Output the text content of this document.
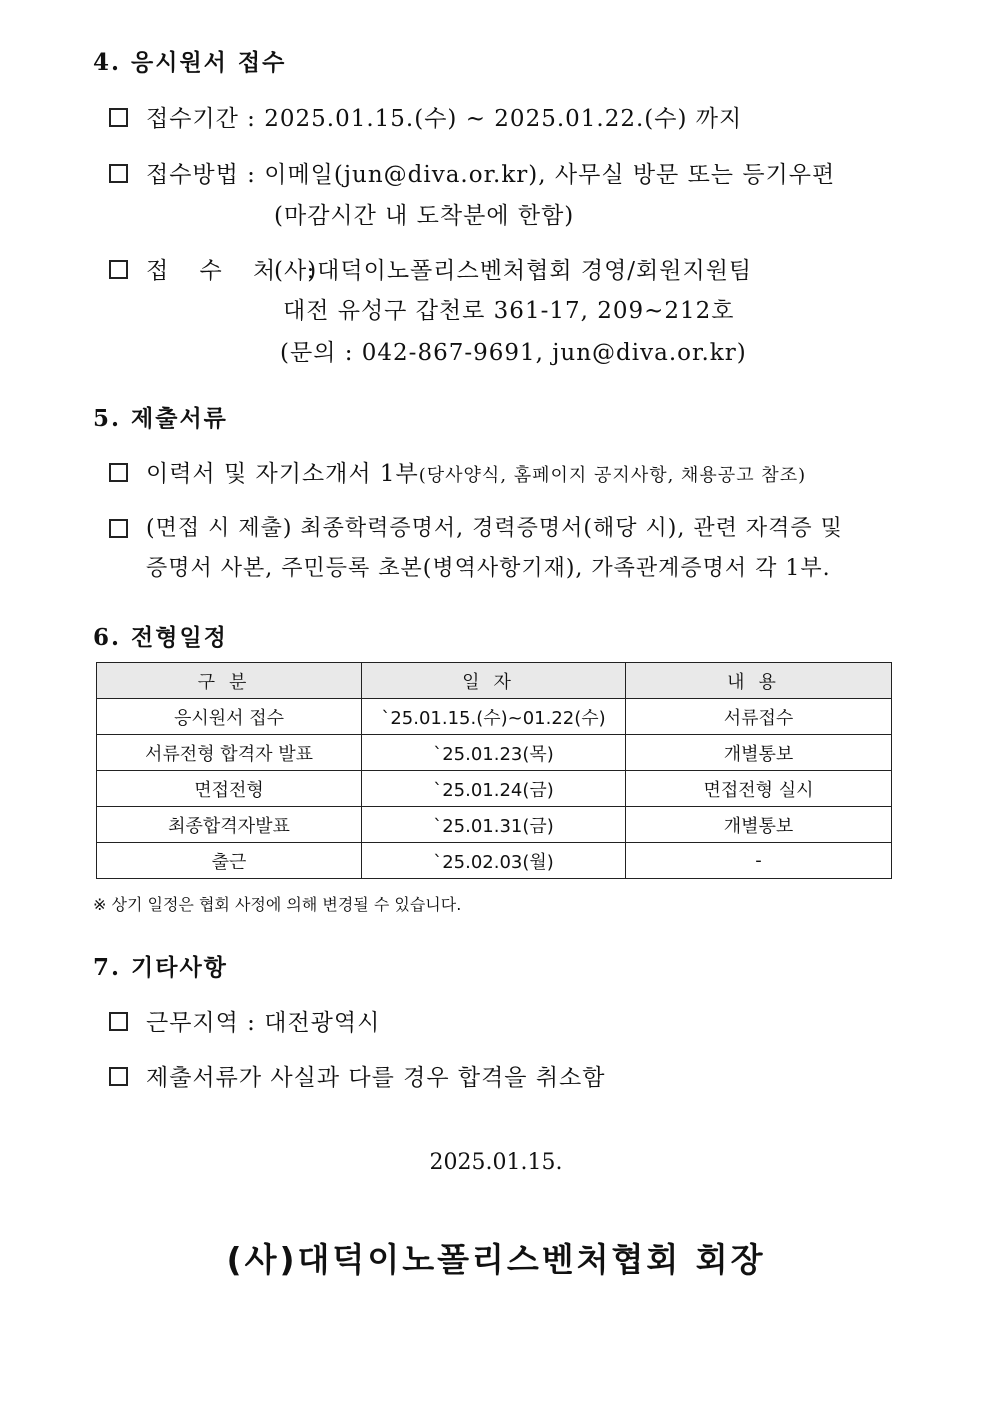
4. 응시원서 접수
접수기간 : 2025.01.15.(수) ~ 2025.01.22.(수) 까지
접수방법 : 이메일(jun@diva.or.kr), 사무실 방문 또는 등기우편
(마감시간 내 도착분에 한함)
접 수 처 :
(사)대덕이노폴리스벤처협회 경영/회원지원팀
대전 유성구 갑천로 361-17, 209~212호
(문의 : 042-867-9691, jun@diva.or.kr)
5. 제출서류
이력서 및 자기소개서 1부(당사양식, 홈페이지 공지사항, 채용공고 참조)
(면접 시 제출) 최종학력증명서, 경력증명서(해당 시), 관련 자격증 및
증명서 사본, 주민등록 초본(병역사항기재), 가족관계증명서 각 1부.
6. 전형일정
구분	일자	내용
응시원서 접수	`25.01.15.(수)~01.22(수)	서류접수
서류전형 합격자 발표	`25.01.23(목)	개별통보
면접전형	`25.01.24(금)	면접전형 실시
최종합격자발표	`25.01.31(금)	개별통보
출근	`25.02.03(월)	-
※ 상기 일정은 협회 사정에 의해 변경될 수 있습니다.
7. 기타사항
근무지역 : 대전광역시
제출서류가 사실과 다를 경우 합격을 취소함
2025.01.15.
(사)대덕이노폴리스벤처협회 회장
